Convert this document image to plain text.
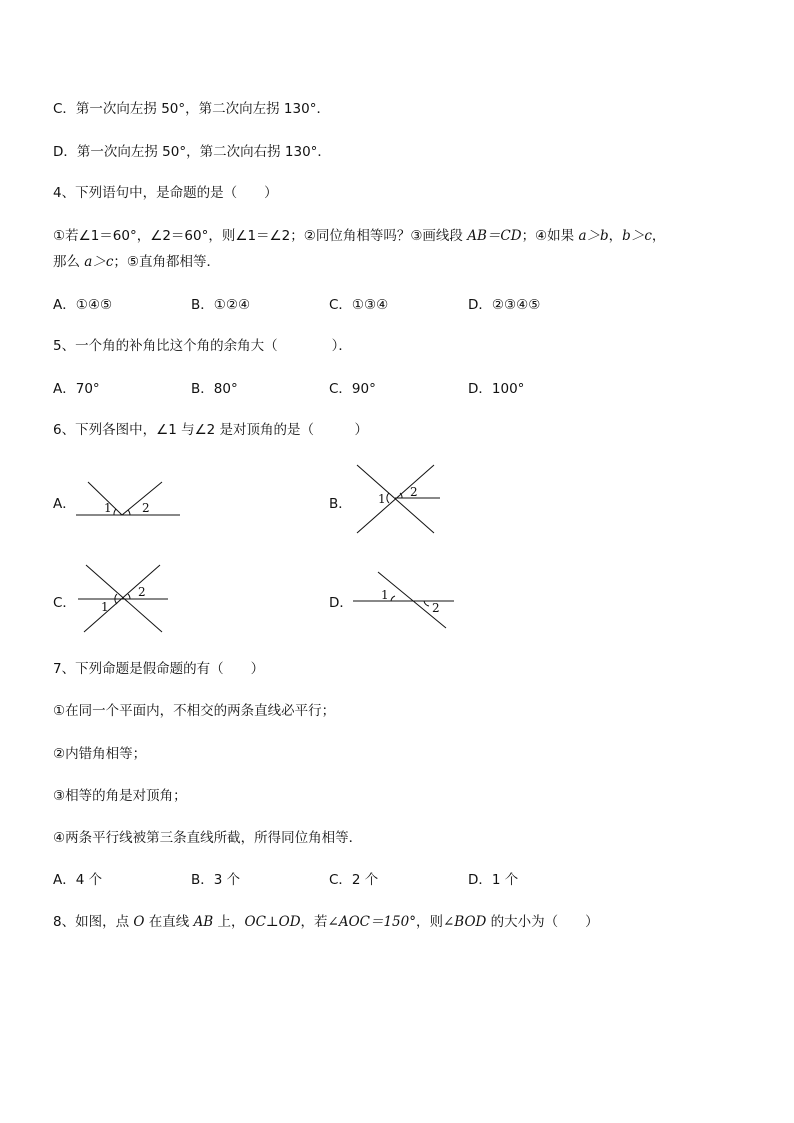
C．第一次向左拐 50°，第二次向左拐 130°．
D．第一次向左拐 50°，第二次向右拐 130°．
4、下列语句中，是命题的是（　　）
①若∠1＝60°，∠2＝60°，则∠1＝∠2；②同位角相等吗？③画线段 AB＝CD；④如果 a＞b，b＞c，
那么 a＞c；⑤直角都相等．
A．①④⑤	B．①②④	C．①③④	D．②③④⑤
5、一个角的补角比这个角的余角大（　　　　）．
A．70°	B．80°	C．90°	D．100°
6、下列各图中，∠1 与∠2 是对顶角的是（　　　）
A． 1	2	B． 1 2
C． 1
2
D． 1
2
7、下列命题是假命题的有（　　）
①在同一个平面内，不相交的两条直线必平行；
②内错角相等；
③相等的角是对顶角；
④两条平行线被第三条直线所截，所得同位角相等．
A．4 个	B．3 个	C．2 个	D．1 个
8、如图，点 O 在直线 AB 上，OC⊥OD，若∠AOC＝150°，则∠BOD 的大小为（　　）
